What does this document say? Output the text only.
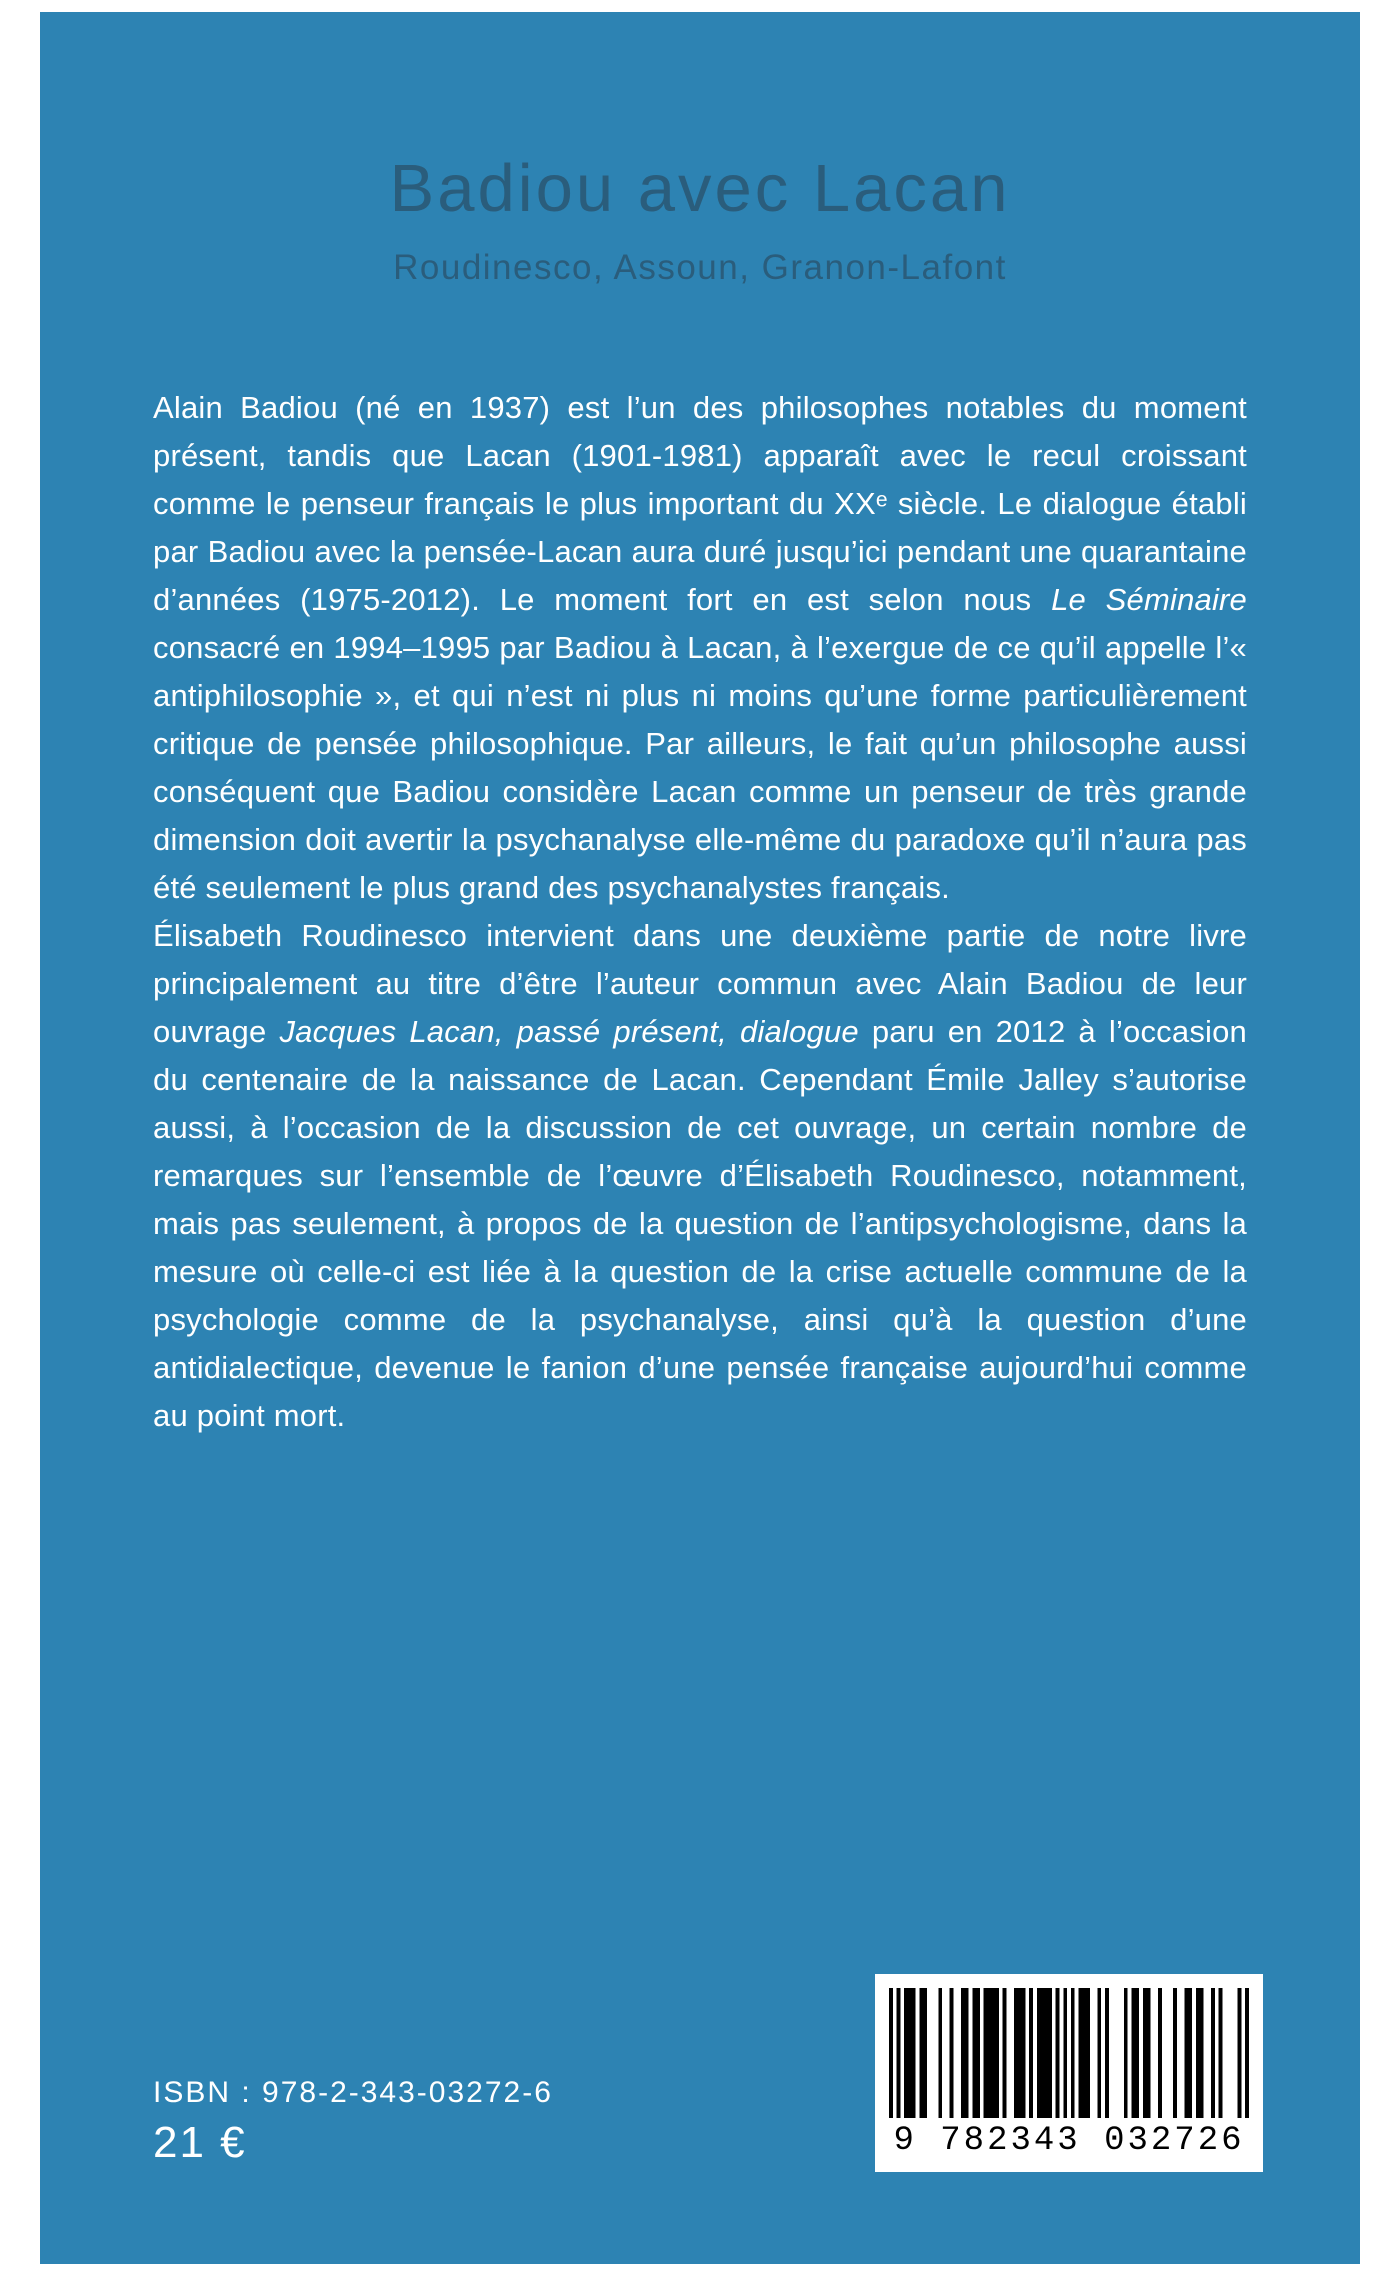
Badiou avec Lacan
Roudinesco, Assoun, Granon-Lafont

Alain Badiou (né en 1937) est l’un des philosophes notables du moment présent, tandis que Lacan (1901-1981) apparaît avec le recul croissant comme le penseur français le plus important du XXᵉ siècle. Le dialogue établi par Badiou avec la pensée-Lacan aura duré jusqu’ici pendant une quarantaine d’années (1975-2012). Le moment fort en est selon nous Le Séminaire consacré en 1994–1995 par Badiou à Lacan, à l’exergue de ce qu’il appelle l’« antiphilosophie », et qui n’est ni plus ni moins qu’une forme particulièrement critique de pensée philosophique. Par ailleurs, le fait qu’un philosophe aussi conséquent que Badiou considère Lacan comme un penseur de très grande dimension doit avertir la psychanalyse elle-même du paradoxe qu’il n’aura pas été seulement le plus grand des psychanalystes français.

Élisabeth Roudinesco intervient dans une deuxième partie de notre livre principalement au titre d’être l’auteur commun avec Alain Badiou de leur ouvrage Jacques Lacan, passé présent, dialogue paru en 2012 à l’occasion du centenaire de la naissance de Lacan. Cependant Émile Jalley s’autorise aussi, à l’occasion de la discussion de cet ouvrage, un certain nombre de remarques sur l’ensemble de l’œuvre d’Élisabeth Roudinesco, notamment, mais pas seulement, à propos de la question de l’antipsychologisme, dans la mesure où celle-ci est liée à la question de la crise actuelle commune de la psychologie comme de la psychanalyse, ainsi qu’à la question d’une antidialectique, devenue le fanion d’une pensée française aujourd’hui comme au point mort.

ISBN : 978-2-343-03272-6
21 €	9 782343 032726
